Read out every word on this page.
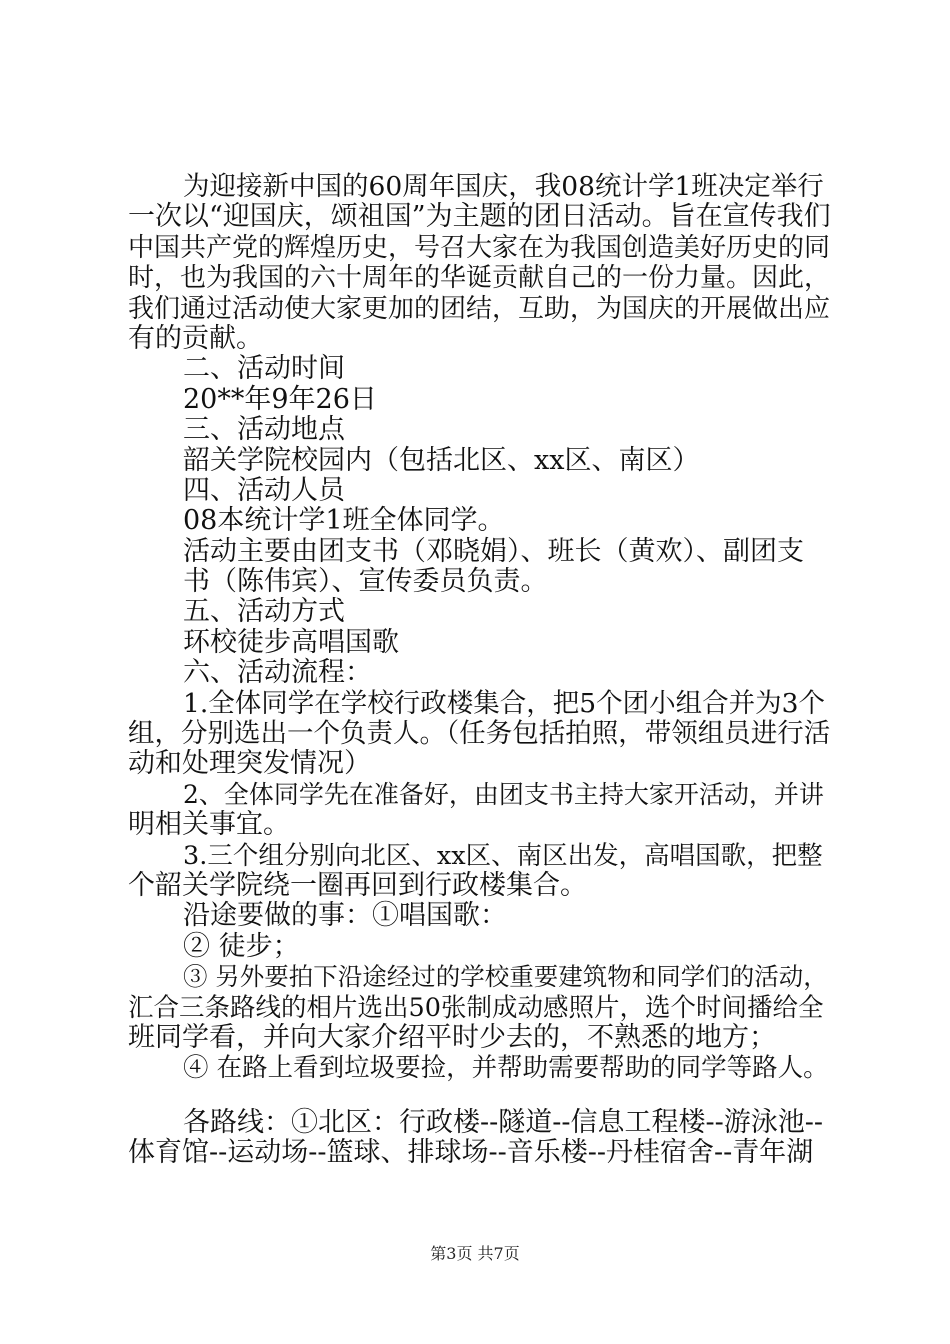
为迎接新中国的60周年国庆，我08统计学1班决定举行
一次以“迎国庆，颂祖国”为主题的团日活动。旨在宣传我们
中国共产党的辉煌历史，号召大家在为我国创造美好历史的同
时，也为我国的六十周年的华诞贡献自己的一份力量。因此，
我们通过活动使大家更加的团结，互助，为国庆的开展做出应
有的贡献。
二、活动时间
20**年9年26日
三、活动地点
韶关学院校园内（包括北区、xx区、南区）
四、活动人员
08本统计学1班全体同学。
活动主要由团支书（邓晓娟）、班长（黄欢）、副团支
书（陈伟宾）、宣传委员负责。
五、活动方式
环校徒步高唱国歌
六、活动流程：
1.全体同学在学校行政楼集合，把5个团小组合并为3个
组，分别选出一个负责人。（任务包括拍照，带领组员进行活
动和处理突发情况）
2、全体同学先在准备好，由团支书主持大家开活动，并讲
明相关事宜。
3.三个组分别向北区、xx区、南区出发，高唱国歌，把整
个韶关学院绕一圈再回到行政楼集合。
沿途要做的事：①唱国歌：
② 徒步；
③ 另外要拍下沿途经过的学校重要建筑物和同学们的活动，
汇合三条路线的相片选出50张制成动感照片，选个时间播给全
班同学看，并向大家介绍平时少去的，不熟悉的地方；
④ 在路上看到垃圾要捡，并帮助需要帮助的同学等路人。
各路线：①北区：行政楼--隧道--信息工程楼--游泳池--
体育馆--运动场--篮球、排球场--音乐楼--丹桂宿舍--青年湖
第3页 共7页
